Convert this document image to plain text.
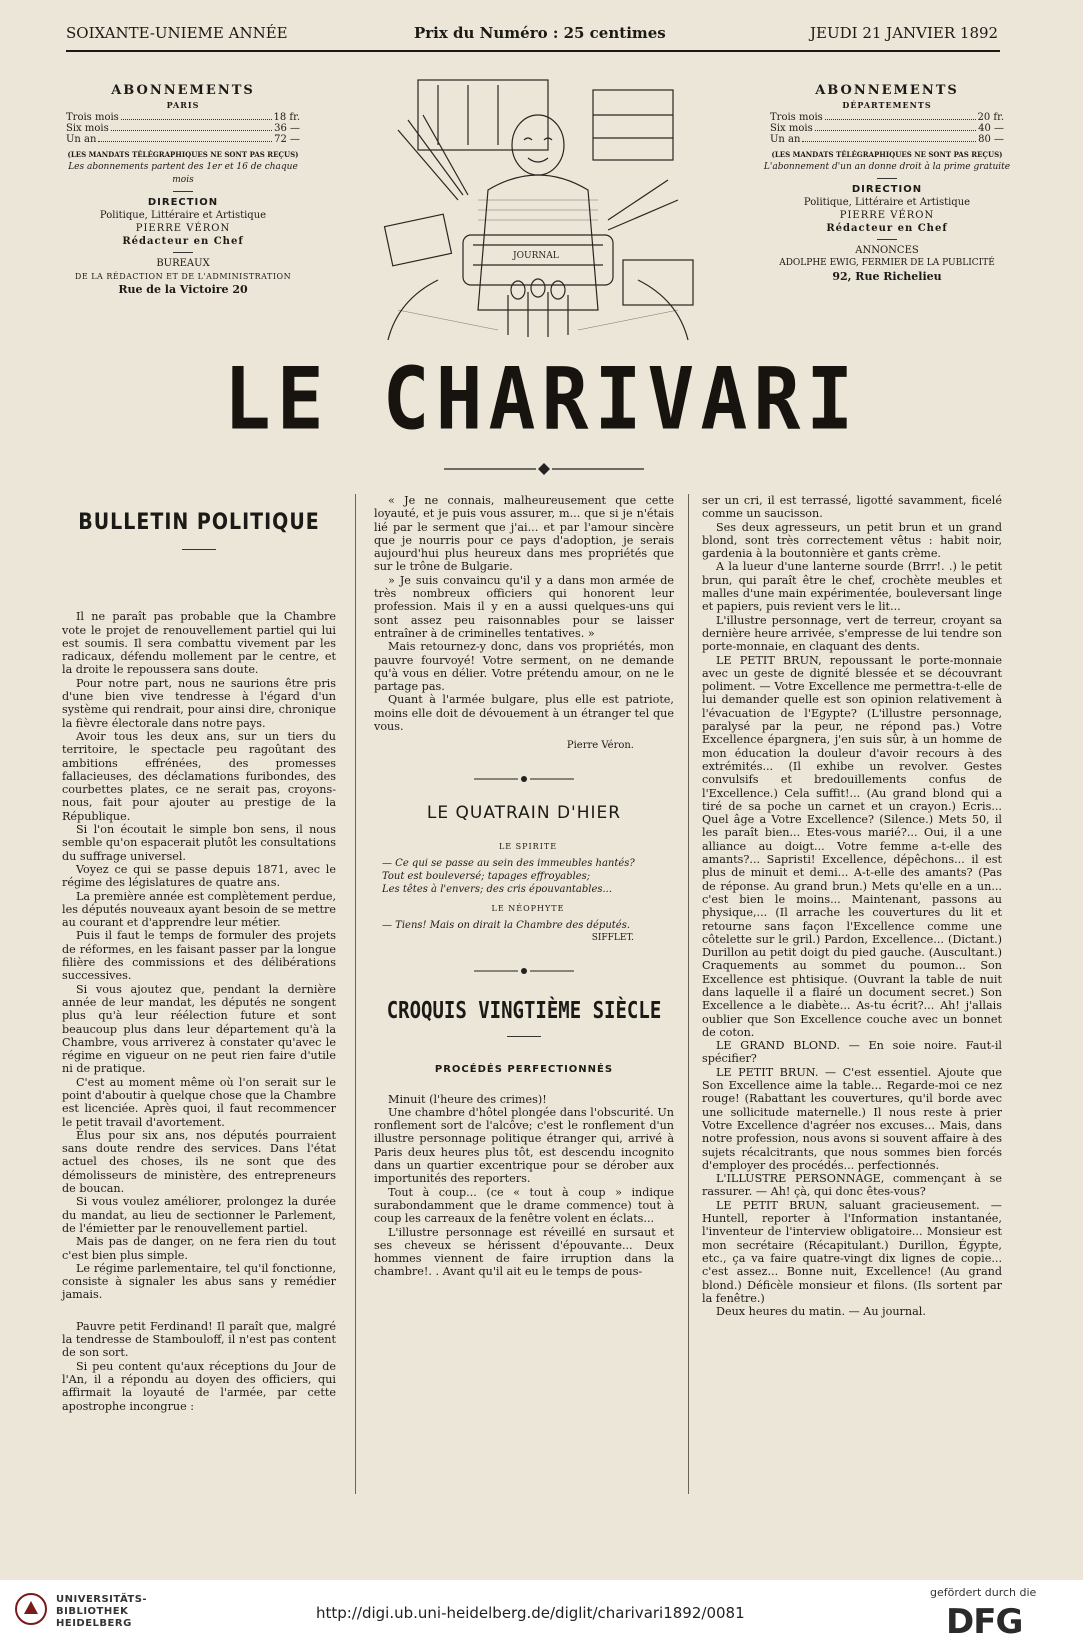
SOIXANTE-UNIEME ANNÉE	Prix du Numéro : 25 centimes	JEUDI 21 JANVIER 1892
ABONNEMENTS
PARIS
Trois mois	18 fr.
Six mois	36 —
Un an	72 —
(LES MANDATS TÉLÉGRAPHIQUES NE SONT PAS REÇUS)
Les abonnements partent des 1er et 16 de chaque mois
DIRECTION
Politique, Littéraire et Artistique
PIERRE VÉRON
Rédacteur en Chef
BUREAUX
DE LA RÉDACTION ET DE L'ADMINISTRATION
Rue de la Victoire 20
ABONNEMENTS
DÉPARTEMENTS
Trois mois	20 fr.
Six mois	40 —
Un an	80 —
(LES MANDATS TÉLÉGRAPHIQUES NE SONT PAS REÇUS)
L'abonnement d'un an donne droit à la prime gratuite
DIRECTION
Politique, Littéraire et Artistique
PIERRE VÉRON
Rédacteur en Chef
ANNONCES
ADOLPHE EWIG, FERMIER DE LA PUBLICITÉ
92, Rue Richelieu
JOURNAL
LE CHARIVARI
BULLETIN POLITIQUE

Il ne paraît pas probable que la Chambre vote le projet de renouvellement partiel qui lui est soumis. Il sera combattu vivement par les radicaux, défendu mollement par le centre, et la droite le repoussera sans doute.

Pour notre part, nous ne saurions être pris d'une bien vive tendresse à l'égard d'un système qui rendrait, pour ainsi dire, chronique la fièvre électorale dans notre pays.

Avoir tous les deux ans, sur un tiers du territoire, le spectacle peu ragoûtant des ambitions effrénées, des promesses fallacieuses, des déclamations furibondes, des courbettes plates, ce ne serait pas, croyons-nous, fait pour ajouter au prestige de la République.

Si l'on écoutait le simple bon sens, il nous semble qu'on espacerait plutôt les consultations du suffrage universel.

Voyez ce qui se passe depuis 1871, avec le régime des législatures de quatre ans.

La première année est complètement perdue, les députés nouveaux ayant besoin de se mettre au courant et d'apprendre leur métier.

Puis il faut le temps de formuler des projets de réformes, en les faisant passer par la longue filière des commissions et des délibérations successives.

Si vous ajoutez que, pendant la dernière année de leur mandat, les députés ne songent plus qu'à leur réélection future et sont beaucoup plus dans leur département qu'à la Chambre, vous arriverez à constater qu'avec le régime en vigueur on ne peut rien faire d'utile ni de pratique.

C'est au moment même où l'on serait sur le point d'aboutir à quelque chose que la Chambre est licenciée. Après quoi, il faut recommencer le petit travail d'avortement.

Élus pour six ans, nos députés pourraient sans doute rendre des services. Dans l'état actuel des choses, ils ne sont que des démolisseurs de ministère, des entrepreneurs de boucan.

Si vous voulez améliorer, prolongez la durée du mandat, au lieu de sectionner le Parlement, de l'émietter par le renouvellement partiel.

Mais pas de danger, on ne fera rien du tout c'est bien plus simple.

Le régime parlementaire, tel qu'il fonctionne, consiste à signaler les abus sans y remédier jamais.

Pauvre petit Ferdinand! Il paraît que, malgré la tendresse de Stambouloff, il n'est pas content de son sort.

Si peu content qu'aux réceptions du Jour de l'An, il a répondu au doyen des officiers, qui affirmait la loyauté de l'armée, par cette apostrophe incongrue :

« Je ne connais, malheureusement que cette loyauté, et je puis vous assurer, m... que si je n'étais lié par le serment que j'ai... et par l'amour sincère que je nourris pour ce pays d'adoption, je serais aujourd'hui plus heureux dans mes propriétés que sur le trône de Bulgarie.

» Je suis convaincu qu'il y a dans mon armée de très nombreux officiers qui honorent leur profession. Mais il y en a aussi quelques-uns qui sont assez peu raisonnables pour se laisser entraîner à de criminelles tentatives. »

Mais retournez-y donc, dans vos propriétés, mon pauvre fourvoyé! Votre serment, on ne demande qu'à vous en délier. Votre prétendu amour, on ne le partage pas.

Quant à l'armée bulgare, plus elle est patriote, moins elle doit de dévouement à un étranger tel que vous.

Pierre Véron.
LE QUATRAIN D'HIER
LE SPIRITE
— Ce qui se passe au sein des immeubles hantés?
Tout est bouleversé; tapages effroyables;
Les têtes à l'envers; des cris épouvantables...
LE NÉOPHYTE
— Tiens! Mais on dirait la Chambre des députés.
SIFFLET.
CROQUIS VINGTIÈME SIÈCLE
PROCÉDÉS PERFECTIONNÉS

Minuit (l'heure des crimes)!

Une chambre d'hôtel plongée dans l'obscurité. Un ronflement sort de l'alcôve; c'est le ronflement d'un illustre personnage politique étranger qui, arrivé à Paris deux heures plus tôt, est descendu incognito dans un quartier excentrique pour se dérober aux importunités des reporters.

Tout à coup... (ce « tout à coup » indique surabondamment que le drame commence) tout à coup les carreaux de la fenêtre volent en éclats...

L'illustre personnage est réveillé en sursaut et ses cheveux se hérissent d'épouvante... Deux hommes viennent de faire irruption dans la chambre!. . Avant qu'il ait eu le temps de pous-

ser un cri, il est terrassé, ligotté savamment, ficelé comme un saucisson.

Ses deux agresseurs, un petit brun et un grand blond, sont très correctement vêtus : habit noir, gardenia à la boutonnière et gants crème.

A la lueur d'une lanterne sourde (Brrr!. .) le petit brun, qui paraît être le chef, crochète meubles et malles d'une main expérimentée, bouleversant linge et papiers, puis revient vers le lit...

L'illustre personnage, vert de terreur, croyant sa dernière heure arrivée, s'empresse de lui tendre son porte-monnaie, en claquant des dents.

LE PETIT BRUN, repoussant le porte-monnaie avec un geste de dignité blessée et se découvrant poliment. — Votre Excellence me permettra-t-elle de lui demander quelle est son opinion relativement à l'évacuation de l'Egypte? (L'illustre personnage, paralysé par la peur, ne répond pas.) Votre Excellence épargnera, j'en suis sûr, à un homme de mon éducation la douleur d'avoir recours à des extrémités... (Il exhibe un revolver. Gestes convulsifs et bredouillements confus de l'Excellence.) Cela suffit!... (Au grand blond qui a tiré de sa poche un carnet et un crayon.) Ecris... Quel âge a Votre Excellence? (Silence.) Mets 50, il les paraît bien... Etes-vous marié?... Oui, il a une alliance au doigt... Votre femme a-t-elle des amants?... Sapristi! Excellence, dépêchons... il est plus de minuit et demi... A-t-elle des amants? (Pas de réponse. Au grand brun.) Mets qu'elle en a un... c'est bien le moins... Maintenant, passons au physique,... (Il arrache les couvertures du lit et retourne sans façon l'Excellence comme une côtelette sur le gril.) Pardon, Excellence... (Dictant.) Durillon au petit doigt du pied gauche. (Auscultant.) Craquements au sommet du poumon... Son Excellence est phtisique. (Ouvrant la table de nuit dans laquelle il a flairé un document secret.) Son Excellence a le diabète... As-tu écrit?... Ah! j'allais oublier que Son Excellence couche avec un bonnet de coton.

LE GRAND BLOND. — En soie noire. Faut-il spécifier?

LE PETIT BRUN. — C'est essentiel. Ajoute que Son Excellence aime la table... Regarde-moi ce nez rouge! (Rabattant les couvertures, qu'il borde avec une sollicitude maternelle.) Il nous reste à prier Votre Excellence d'agréer nos excuses... Mais, dans notre profession, nous avons si souvent affaire à des sujets récalcitrants, que nous sommes bien forcés d'employer des procédés... perfectionnés.

L'ILLUSTRE PERSONNAGE, commençant à se rassurer. — Ah! çà, qui donc êtes-vous?

LE PETIT BRUN, saluant gracieusement. — Huntell, reporter à l'Information instantanée, l'inventeur de l'interview obligatoire... Monsieur est mon secrétaire (Récapitulant.) Durillon, Égypte, etc., ça va faire quatre-vingt dix lignes de copie... c'est assez... Bonne nuit, Excellence! (Au grand blond.) Déficèle monsieur et filons. (Ils sortent par la fenêtre.)

Deux heures du matin. — Au journal.

UNIVERSITÄTS-
BIBLIOTHEK
HEIDELBERG
http://digi.ub.uni-heidelberg.de/diglit/charivari1892/0081
gefördert durch die
DFG
